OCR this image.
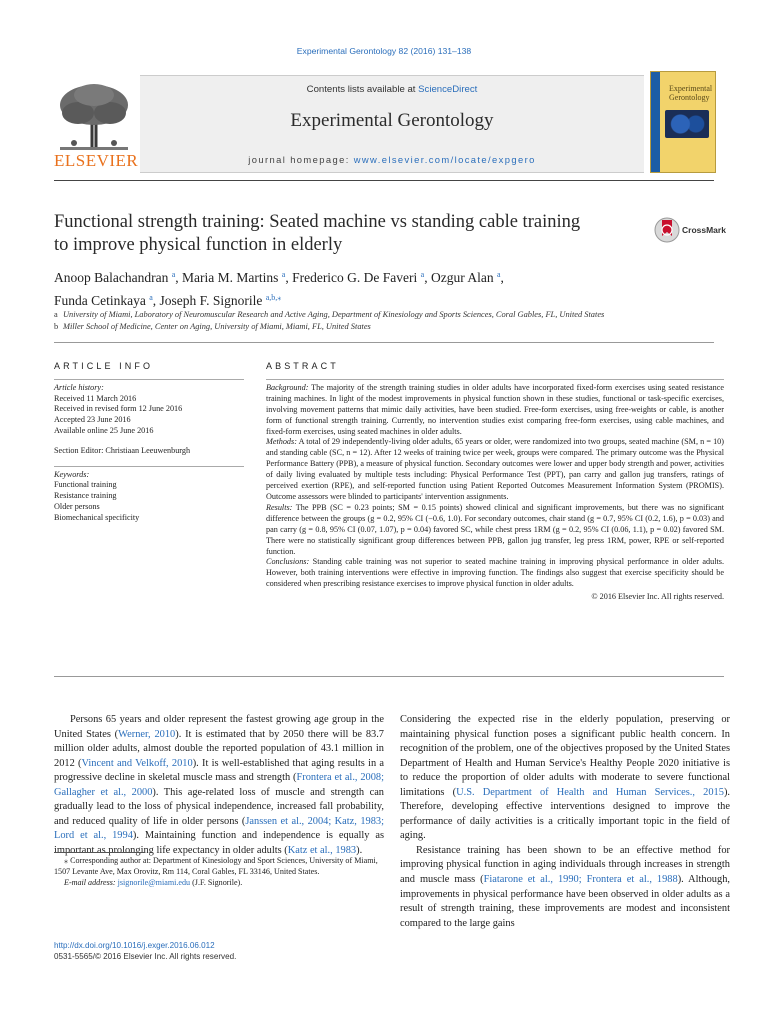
Experimental Gerontology 82 (2016) 131–138
ELSEVIER
Contents lists available at ScienceDirect
Experimental Gerontology
journal homepage: www.elsevier.com/locate/expgero
Experimental
Gerontology
Functional strength training: Seated machine vs standing cable training
to improve physical function in elderly
CrossMark
Anoop Balachandran $^a$, Maria M. Martins $^a$, Frederico G. De Faveri $^a$, Ozgur Alan $^a$,
Funda Cetinkaya $^a$, Joseph F. Signorile $^{a,b,⁎}$
a University of Miami, Laboratory of Neuromuscular Research and Active Aging, Department of Kinesiology and Sports Sciences, Coral Gables, FL, United States
b Miller School of Medicine, Center on Aging, University of Miami, Miami, FL, United States
ARTICLE INFO
Article history:
Received 11 March 2016
Received in revised form 12 June 2016
Accepted 23 June 2016
Available online 25 June 2016
Section Editor: Christiaan Leeuwenburgh
Keywords:
Functional training
Resistance training
Older persons
Biomechanical specificity
ABSTRACT

Background: The majority of the strength training studies in older adults have incorporated fixed-form exercises using seated resistance training machines. In light of the modest improvements in physical function shown in these studies, functional or task-specific exercises, involving movement patterns that mimic daily activities, have been studied. Free-form exercises, using free-weights or cable, is another form of functional strength training. Currently, no intervention studies exist comparing free-form exercises, using cable machines, and fixed-form exercises, using seated machines in older adults.

Methods: A total of 29 independently-living older adults, 65 years or older, were randomized into two groups, seated machine (SM, n = 10) and standing cable (SC, n = 12). After 12 weeks of training twice per week, groups were compared. The primary outcome was the Physical Performance Battery (PPB), a measure of physical function. Secondary outcomes were lower and upper body strength and power, activities of daily living evaluated by multiple tests including: Physical Performance Test (PPT), pan carry and gallon jug transfers, ratings of perceived exertion (RPE), and self-reported function using Patient Reported Outcomes Measurement Information System (PROMIS). Outcome assessors were blinded to participants' intervention assignments.

Results: The PPB (SC = 0.23 points; SM = 0.15 points) showed clinical and significant improvements, but there was no significant difference between the groups (g = 0.2, 95% CI (−0.6, 1.0). For secondary outcomes, chair stand (g = 0.7, 95% CI (0.2, 1.6), p = 0.03) and pan carry (g = 0.8, 95% CI (0.07, 1.07), p = 0.04) favored SC, while chest press 1RM (g = 0.2, 95% CI (0.06, 1.1), p = 0.02) favored SM. There were no statistically significant group differences between PPB, gallon jug transfer, leg press 1RM, power, RPE or self-reported function.

Conclusions: Standing cable training was not superior to seated machine training in improving physical performance in older adults. However, both training interventions were effective in improving function. The findings also suggest that exercise specificity should be considered when prescribing resistance exercises to improve physical function in older adults.

© 2016 Elsevier Inc. All rights reserved.

Persons 65 years and older represent the fastest growing age group in the United States (Werner, 2010). It is estimated that by 2050 there will be 83.7 million older adults, almost double the reported population of 43.1 million in 2012 (Vincent and Velkoff, 2010). It is well-established that aging results in a progressive decline in skeletal muscle mass and strength (Frontera et al., 2008; Gallagher et al., 2000). This age-related loss of muscle and strength can gradually lead to the loss of physical independence, increased fall probability, and reduced quality of life in older persons (Janssen et al., 2004; Katz, 1983; Lord et al., 1994). Maintaining function and independence is equally as important as prolonging life expectancy in older adults (Katz et al., 1983).

Considering the expected rise in the elderly population, preserving or maintaining physical function poses a significant public health concern. In recognition of the problem, one of the objectives proposed by the United States Department of Health and Human Service's Healthy People 2020 initiative is to reduce the proportion of older adults with moderate to severe functional limitations (U.S. Department of Health and Human Services., 2015). Therefore, developing effective interventions designed to improve the performance of daily activities is a critically important topic in the field of aging.

Resistance training has been shown to be an effective method for improving physical function in aging individuals through increases in strength and muscle mass (Fiatarone et al., 1990; Frontera et al., 1988). Although, improvements in physical performance have been observed in older adults as a result of strength training, these improvements are modest and inconsistent compared to the large gains

⁎ Corresponding author at: Department of Kinesiology and Sport Sciences, University of Miami, 1507 Levante Ave, Max Orovitz, Rm 114, Coral Gables, FL 33146, United States.

E-mail address: jsignorile@miami.edu (J.F. Signorile).

http://dx.doi.org/10.1016/j.exger.2016.06.012
0531-5565/© 2016 Elsevier Inc. All rights reserved.
